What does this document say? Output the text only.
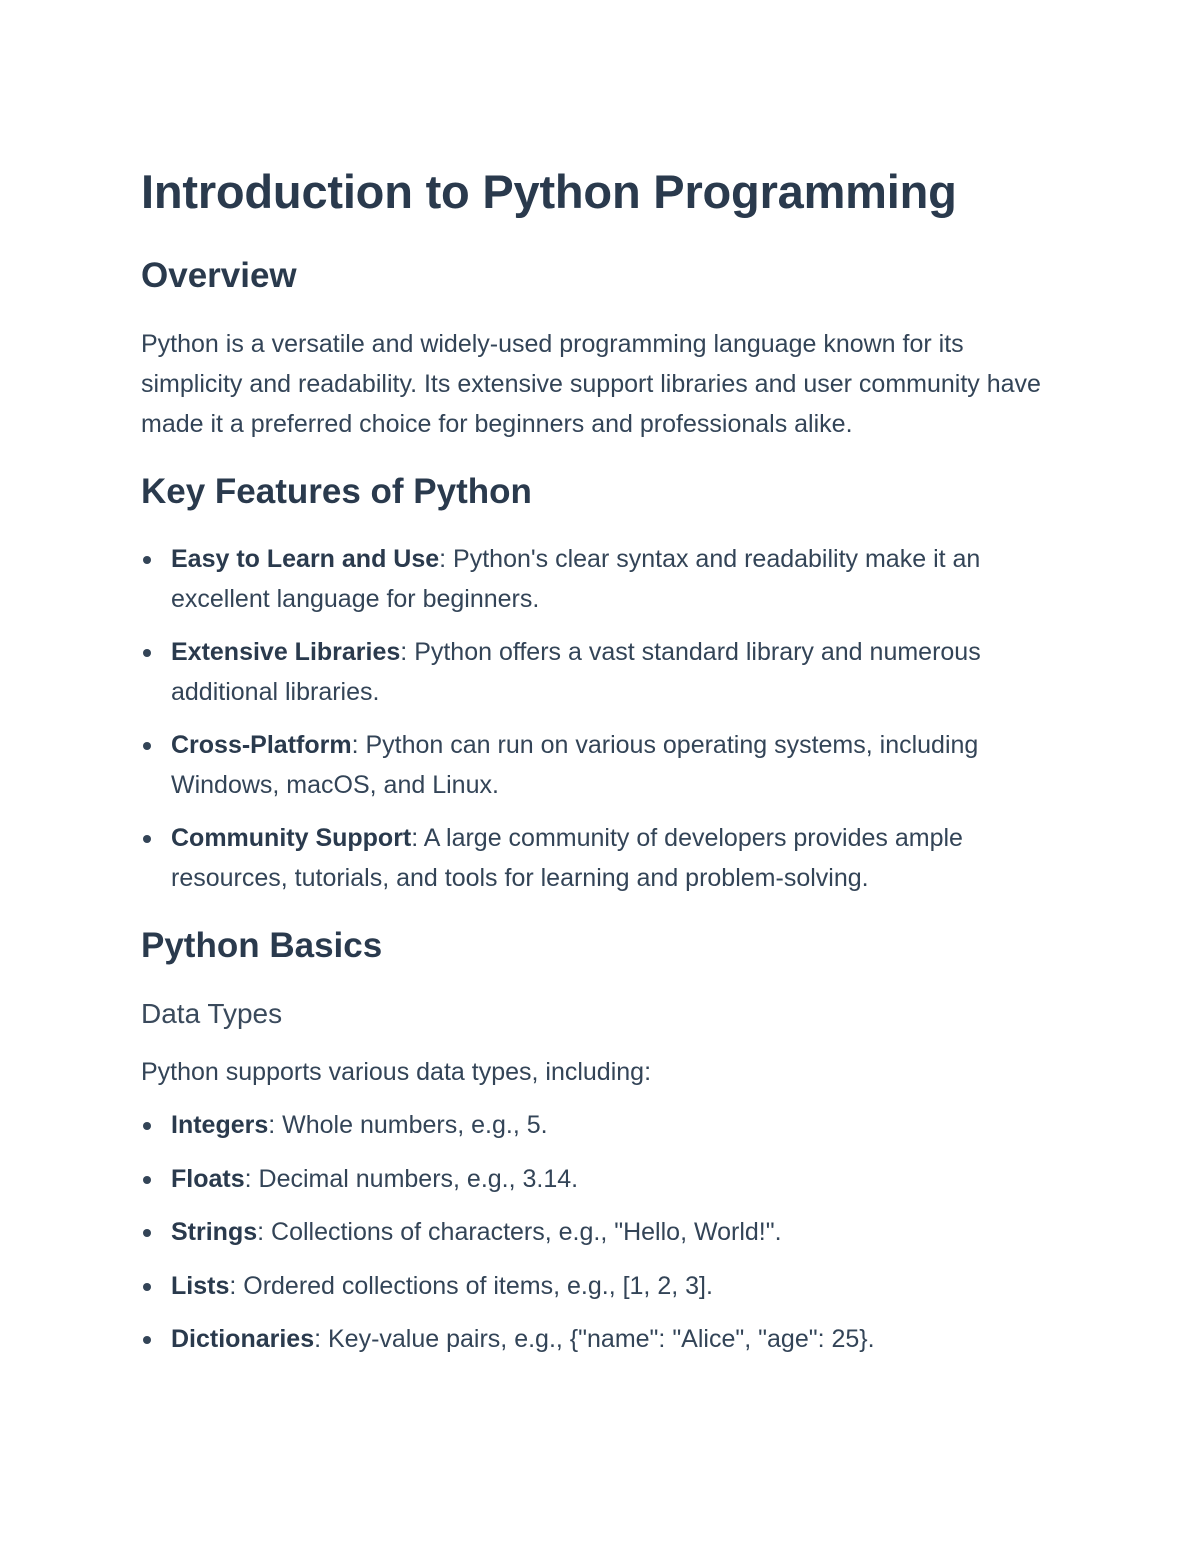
Introduction to Python Programming
Overview

Python is a versatile and widely-used programming language known for its simplicity and readability. Its extensive support libraries and user community have made it a preferred choice for beginners and professionals alike.

Key Features of Python
Easy to Learn and Use: Python's clear syntax and readability make it an excellent language for beginners.
Extensive Libraries: Python offers a vast standard library and numerous additional libraries.
Cross-Platform: Python can run on various operating systems, including Windows, macOS, and Linux.
Community Support: A large community of developers provides ample resources, tutorials, and tools for learning and problem-solving.
Python Basics
Data Types

Python supports various data types, including:

Integers: Whole numbers, e.g., 5.
Floats: Decimal numbers, e.g., 3.14.
Strings: Collections of characters, e.g., "Hello, World!".
Lists: Ordered collections of items, e.g., [1, 2, 3].
Dictionaries: Key-value pairs, e.g., {"name": "Alice", "age": 25}.
